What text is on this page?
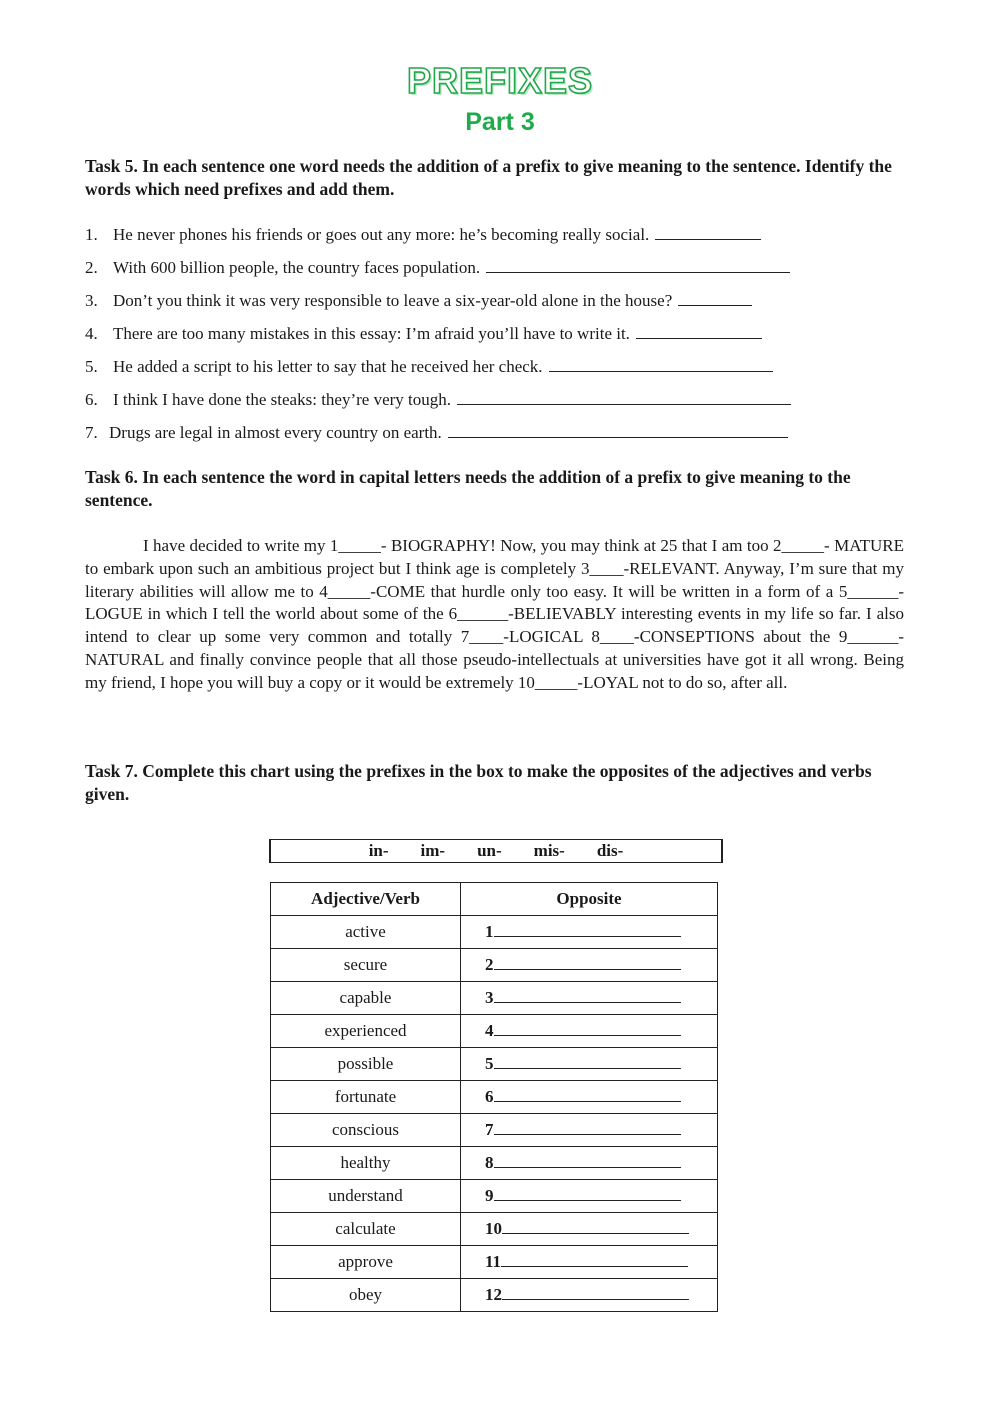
PREFIXES
Part 3
Task 5. In each sentence one word needs the addition of a prefix to give meaning to the sentence. Identify the words which need prefixes and add them.
1. He never phones his friends or goes out any more: he’s becoming really social.
2. With 600 billion people, the country faces population.
3. Don’t you think it was very responsible to leave a six-year-old alone in the house?
4. There are too many mistakes in this essay: I’m afraid you’ll have to write it.
5. He added a script to his letter to say that he received her check.
6. I think I have done the steaks: they’re very tough.
7. Drugs are legal in almost every country on earth.
Task 6. In each sentence the word in capital letters needs the addition of a prefix to give meaning to the sentence.
I have decided to write my 1_____- BIOGRAPHY! Now, you may think at 25 that I am too 2_____- MATURE to embark upon such an ambitious project but I think age is completely 3____-RELEVANT. Anyway, I’m sure that my literary abilities will allow me to 4_____-COME that hurdle only too easy. It will be written in a form of a 5______- LOGUE in which I tell the world about some of the 6______-BELIEVABLY interesting events in my life so far. I also intend to clear up some very common and totally 7____-LOGICAL 8____-CONSEPTIONS about the 9______-NATURAL and finally convince people that all those pseudo-intellectuals at universities have got it all wrong. Being my friend, I hope you will buy a copy or it would be extremely 10_____-LOYAL not to do so, after all.
Task 7. Complete this chart using the prefixes in the box to make the opposites of the adjectives and verbs given.
in- im- un- mis- dis-
Adjective/Verb	Opposite
active	1
secure	2
capable	3
experienced	4
possible	5
fortunate	6
conscious	7
healthy	8
understand	9
calculate	10
approve	11
obey	12
